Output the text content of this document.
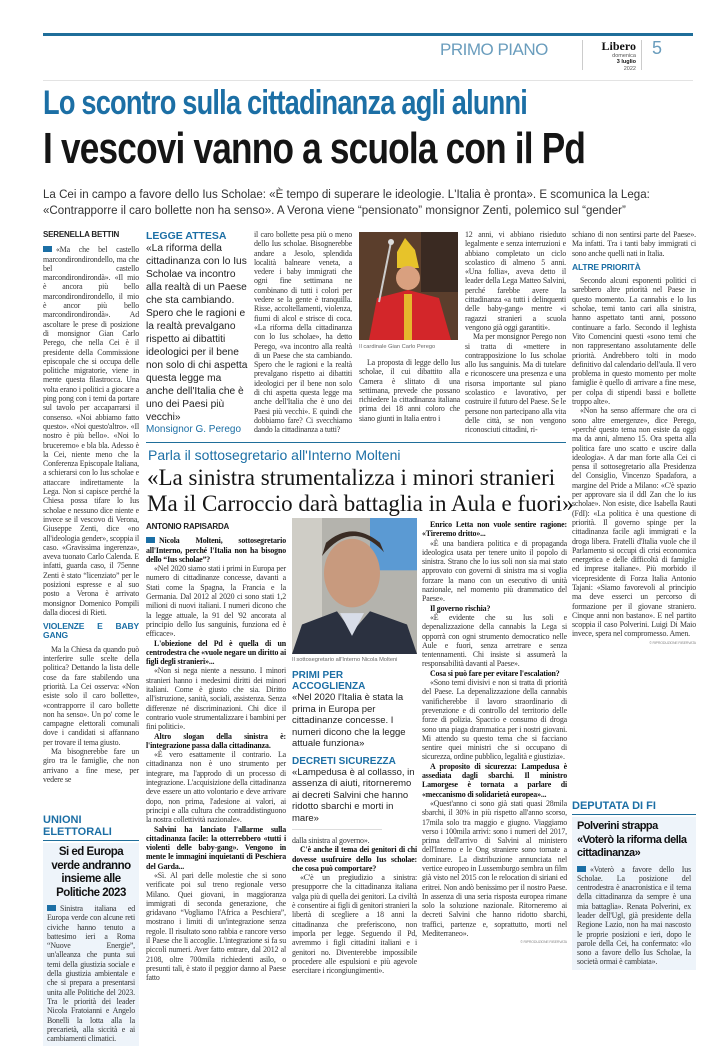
PRIMO PIANO	Libero
domenica
3 luglio
2022
5
Lo scontro sulla cittadinanza agli alunni
I vescovi vanno a scuola con il Pd
La Cei in campo a favore dello Ius Scholae: «È tempo di superare le ideologie. L'Italia è pronta». E scomunica la Lega: «Contrapporre il caro bollette non ha senso». A Verona viene “pensionato” monsignor Zenti, polemico sul “gender”
SERENELLA BETTIN

«Ma che bel castello marcondirondirondello, ma che bel castello marcondirondirondà». «Il mio è ancora più bello marcondirondirondello, il mio è ancor più bello marcondirondirondà». Ad ascoltare le prese di posizione di monsignor Gian Carlo Perego, che nella Cei è il presidente della Commissione episcopale che si occupa delle politiche migratorie, viene in mente questa filastrocca. Una volta erano i politici a giocare a ping pong con i temi da portare sul tavolo per accaparrarsi il consenso. «Noi abbiamo fatto questo». «Noi questo'altro». «Il nostro è più bello». «Noi lo bruceremo» e bla bla. Adesso è la Cei, niente meno che la Conferenza Episcopale Italiana, a schierarsi con lo Ius scholae e attaccare indirettamente la Lega. Non si capisce perché la Chiesa possa tifare lo Ius scholae e nessuno dice niente e invece se il vescovo di Verona, Giuseppe Zenti, dice «no all'ideologia gender», scoppia il caso. «Gravissima ingerenza», aveva tuonato Carlo Calenda. E infatti, guarda caso, il 75enne Zenti è stato “licenziato” per le posizioni espresse e al suo posto a Verona è arrivato monsignor Domenico Pompili dalla diocesi di Rieti.

VIOLENZE E BABY GANG

Ma la Chiesa da quando può interferire sulle scelte della politica? Dettando la lista delle cose da fare stabilendo una priorità. La Cei osserva: «Non esiste solo il caro bollette», «contrapporre il caro bollette non ha senso». Un po' come le campagne elettorali comunali dove i candidati si affannano per trovare il tema giusto.

Ma bisognerebbe fare un giro tra le famiglie, che non arrivano a fine mese, per vedere se

LEGGE ATTESA
«La riforma della cittadinanza con lo Ius Scholae va incontro alla realtà di un Paese che sta cambiando. Spero che le ragioni e la realtà prevalgano rispetto ai dibattiti ideologici per il bene non solo di chi aspetta questa legge ma anche dell'Italia che è uno dei Paesi più vecchi»
Monsignor G. Perego

il caro bollette pesa più o meno dello Ius scholae. Bisognerebbe andare a Jesolo, splendida località balneare veneta, a vedere i baby immigrati che ogni fine settimana ne combinano di tutti i colori per vedere se la gente è tranquilla. Risse, accoltellamenti, violenza, fiumi di alcol e strisce di coca. «La riforma della cittadinanza con lo Ius scholae», ha detto Perego, «va incontro alla realtà di un Paese che sta cambiando. Spero che le ragioni e la realtà prevalgano rispetto ai dibattiti ideologici per il bene non solo di chi aspetta questa legge ma anche dell'Italia che è uno dei Paesi più vecchi». E quindi che dobbiamo fare? Ci svecchiamo dando la cittadinanza a tutti?

Il cardinale Gian Carlo Perego

La proposta di legge dello Ius scholae, il cui dibattito alla Camera è slittato di una settimana, prevede che possano richiedere la cittadinanza italiana prima dei 18 anni coloro che siano giunti in Italia entro i

12 anni, vi abbiano risieduto legalmente e senza interruzioni e abbiano completato un ciclo scolastico di almeno 5 anni. «Una follia», aveva detto il leader della Lega Matteo Salvini, perché farebbe avere la cittadinanza «a tutti i delinquenti delle baby-gang» mentre «i ragazzi stranieri a scuola vengono già oggi garantiti».

Ma per monsignor Perego non si tratta di «mettere in contrapposizione lo Ius scholae allo Ius sanguinis. Ma di tutelare e riconoscere una presenza e una risorsa importante sul piano scolastico e lavorativo, per costruire il futuro del Paese. Se le persone non partecipano alla vita delle città, se non vengono riconosciuti cittadini, ri-

schiano di non sentirsi parte del Paese». Ma infatti. Tra i tanti baby immigrati ci sono anche quelli nati in Italia.

ALTRE PRIORITÀ

Secondo alcuni esponenti politici ci sarebbero altre priorità nel Paese in questo momento. La cannabis e lo Ius scholae, temi tanto cari alla sinistra, hanno aspettato tanti anni, possono continuare a farlo. Secondo il leghista Vito Comencini questi «sono temi che non rappresentano assolutamente delle priorità. Andrebbero tolti in modo definitivo dal calendario dell'aula. Il vero problema in questo momento per molte famiglie è quello di arrivare a fine mese, per colpa di stipendi bassi e bollette troppo alte».

«Non ha senso affermare che ora ci sono altre emergenze», dice Perego, «perché questo tema non esiste da oggi ma da anni, almeno 15. Ora spetta alla politica fare uno scatto e uscire dalla ideologia». A dar man forte alla Cei ci pensa il sottosegretario alla Presidenza del Consiglio, Vincenzo Spadafora, a margine del Pride a Milano: «C'è spazio per approvare sia il ddl Zan che lo ius scholae». Non esiste, dice Isabella Rauti (FdI): «La politica è una questione di priorità. Il governo spinge per la cittadinanza facile agli immigrati e la droga libera. Fratelli d'Italia vuole che il Parlamento si occupi di crisi economica energetica e delle difficoltà di famiglie ed imprese italiane». Più morbido il vicepresidente di Forza Italia Antonio Tajani: «Siamo favorevoli al principio ma deve esserci un percorso di formazione per il giovane straniero. Cinque anni non bastano». E nel partito scoppia il caso Polverini. Luigi Di Maio invece, spera nel compromesso. Amen.

© RIPRODUZIONE RISERVATA
UNIONI ELETTORALI
Si ed Europa verde andranno insieme alle Politiche 2023

Sinistra italiana ed Europa verde con alcune reti civiche hanno tenuto a battesimo ieri a Roma “Nuove Energie”, un'alleanza che punta sui temi della giustizia sociale e della giustizia ambientale e che si prepara a presentarsi unita alle Politiche del 2023. Tra le priorità dei leader Nicola Fratoianni e Angelo Bonelli la lotta alla la precarietà, alla siccità e ai cambiamenti climatici.

Parla il sottosegretario all'Interno Molteni
«La sinistra strumentalizza i minori stranieri
Ma il Carroccio darà battaglia in Aula e fuori»
ANTONIO RAPISARDA

Nicola Molteni, sottosegretario all'Interno, perché l'Italia non ha bisogno dello “Ius scholae”?

«Nel 2020 siamo stati i primi in Europa per numero di cittadinanze concesse, davanti a Stati come la Spagna, la Francia e la Germania. Dal 2012 al 2020 ci sono stati 1,2 milioni di nuovi italiani. I numeri dicono che la legge attuale, la 91 del '92 ancorata al principio dello Ius sanguinis, funziona ed è efficace».

L'obiezione del Pd è quella di un centrodestra che «vuole negare un diritto ai figli degli stranieri»...

«Non si nega niente a nessuno. I minori stranieri hanno i medesimi diritti dei minori italiani. Come è giusto che sia. Diritto all'istruzione, sanità, sociali, assistenza. Senza differenze né discriminazioni. Chi dice il contrario vuole strumentalizzare i bambini per fini politici».

Altro slogan della sinistra è: l'integrazione passa dalla cittadinanza.

«È vero esattamente il contrario. La cittadinanza non è uno strumento per integrare, ma l'approdo di un processo di integrazione. L'acquisizione della cittadinanza deve essere un atto volontario e deve arrivare dopo, non prima, l'adesione ai valori, ai principi e alla cultura che contraddistinguono la nostra collettività nazionale».

Salvini ha lanciato l'allarme sulla cittadinanza facile: la otterrebbero «tutti i violenti delle baby-gang». Vengono in mente le immagini inquietanti di Peschiera del Garda...

«Sì. Al pari delle molestie che si sono verificate poi sul treno regionale verso Milano. Quei giovani, in maggioranza immigrati di seconda generazione, che gridavano “Vogliamo l'Africa a Peschiera”, mostrano i limiti di un'integrazione senza regole. Il risultato sono rabbia e rancore verso il Paese che li accoglie. L'integrazione si fa su piccoli numeri. Aver fatto entrare, dal 2012 al 2108, oltre 700mila richiedenti asilo, o presunti tali, è stato il peggior danno al Paese fatto

Il sottosegretario all'Interno Nicola Molteni
PRIMI PER ACCOGLIENZA
«Nel 2020 l'Italia è stata la prima in Europa per cittadinanze concesse. I numeri dicono che la legge attuale funziona»
DECRETI SICUREZZA
«Lampedusa è al collasso, in assenza di aiuti, ritorneremo ai decreti Salvini che hanno ridotto sbarchi e morti in mare»

dalla sinistra al governo».

C'è anche il tema dei genitori di chi dovesse usufruire dello Ius scholae: che cosa può comportare?

«C'è un pregiudizio a sinistra: presupporre che la cittadinanza italiana valga più di quella dei genitori. La civiltà è consentire ai figli di genitori stranieri la libertà di scegliere a 18 anni la cittadinanza che preferiscono, non imporla per legge. Seguendo il Pd, avremmo i figli cittadini italiani e i genitori no. Diventerebbe impossibile procedere alle espulsioni e più agevole esercitare i ricongiungimenti».

Enrico Letta non vuole sentire ragione: «Tireremo dritto»...

«È una bandiera politica e di propaganda ideologica usata per tenere unito il popolo di sinistra. Strano che lo ius soli non sia mai stato approvato con governi di sinistra ma si voglia forzare la mano con un esecutivo di unità nazionale, nel momento più drammatico del Paese».

Il governo rischia?

«È evidente che su Ius soli e depenalizzazione della cannabis la Lega si opporrà con ogni strumento democratico nelle Aule e fuori, senza arretrare e senza tentennamenti. Chi insiste si assumerà la responsabilità davanti al Paese».

Cosa si può fare per evitare l'escalation?

«Sono temi divisivi e non si tratta di priorità del Paese. La depenalizzazione della cannabis vanificherebbe il lavoro straordinario di prevenzione e di controllo del territorio delle forze di polizia. Spaccio e consumo di droga sono una piaga drammatica per i nostri giovani. Mi attendo su questo tema che si facciano sentire quei ministri che si occupano di sicurezza, ordine pubblico, legalità e giustizia».

A proposito di sicurezza: Lampedusa è assediata dagli sbarchi. Il ministro Lamorgese è tornata a parlare di «meccanismo di solidarietà europea»...

«Quest'anno ci sono già stati quasi 28mila sbarchi, il 30% in più rispetto all'anno scorso, 17mila solo tra maggio e giugno. Viaggiamo verso i 100mila arrivi: sono i numeri del 2017, prima dell'arrivo di Salvini al ministero dell'Interno e le Ong straniere sono tornate a dominare. La distribuzione annunciata nel vertice europeo in Lussemburgo sembra un film già visto nel 2015 con le relocation di siriani ed eritrei. Non andò benissimo per il nostro Paese. In assenza di una seria risposta europea rimane solo la soluzione nazionale. Ritorneremo ai decreti Salvini che hanno ridotto sbarchi, traffici, partenze e, soprattutto, morti nel Mediterraneo».

© RIPRODUZIONE RISERVATA
DEPUTATA DI FI
Polverini strappa «Voterò la riforma della cittadinanza»

«Voterò a favore dello Ius Scholae. La posizione del centrodestra è anacronistica e il tema della cittadinanza da sempre è una mia battaglia». Renata Polverini, ex leader dell'Ugl, già presidente della Regione Lazio, non ha mai nascosto le proprie posizioni e ieri, dopo le parole della Cei, ha confermato: «Io sono a favore dello Ius Scholae, la società ormai è cambiata».
